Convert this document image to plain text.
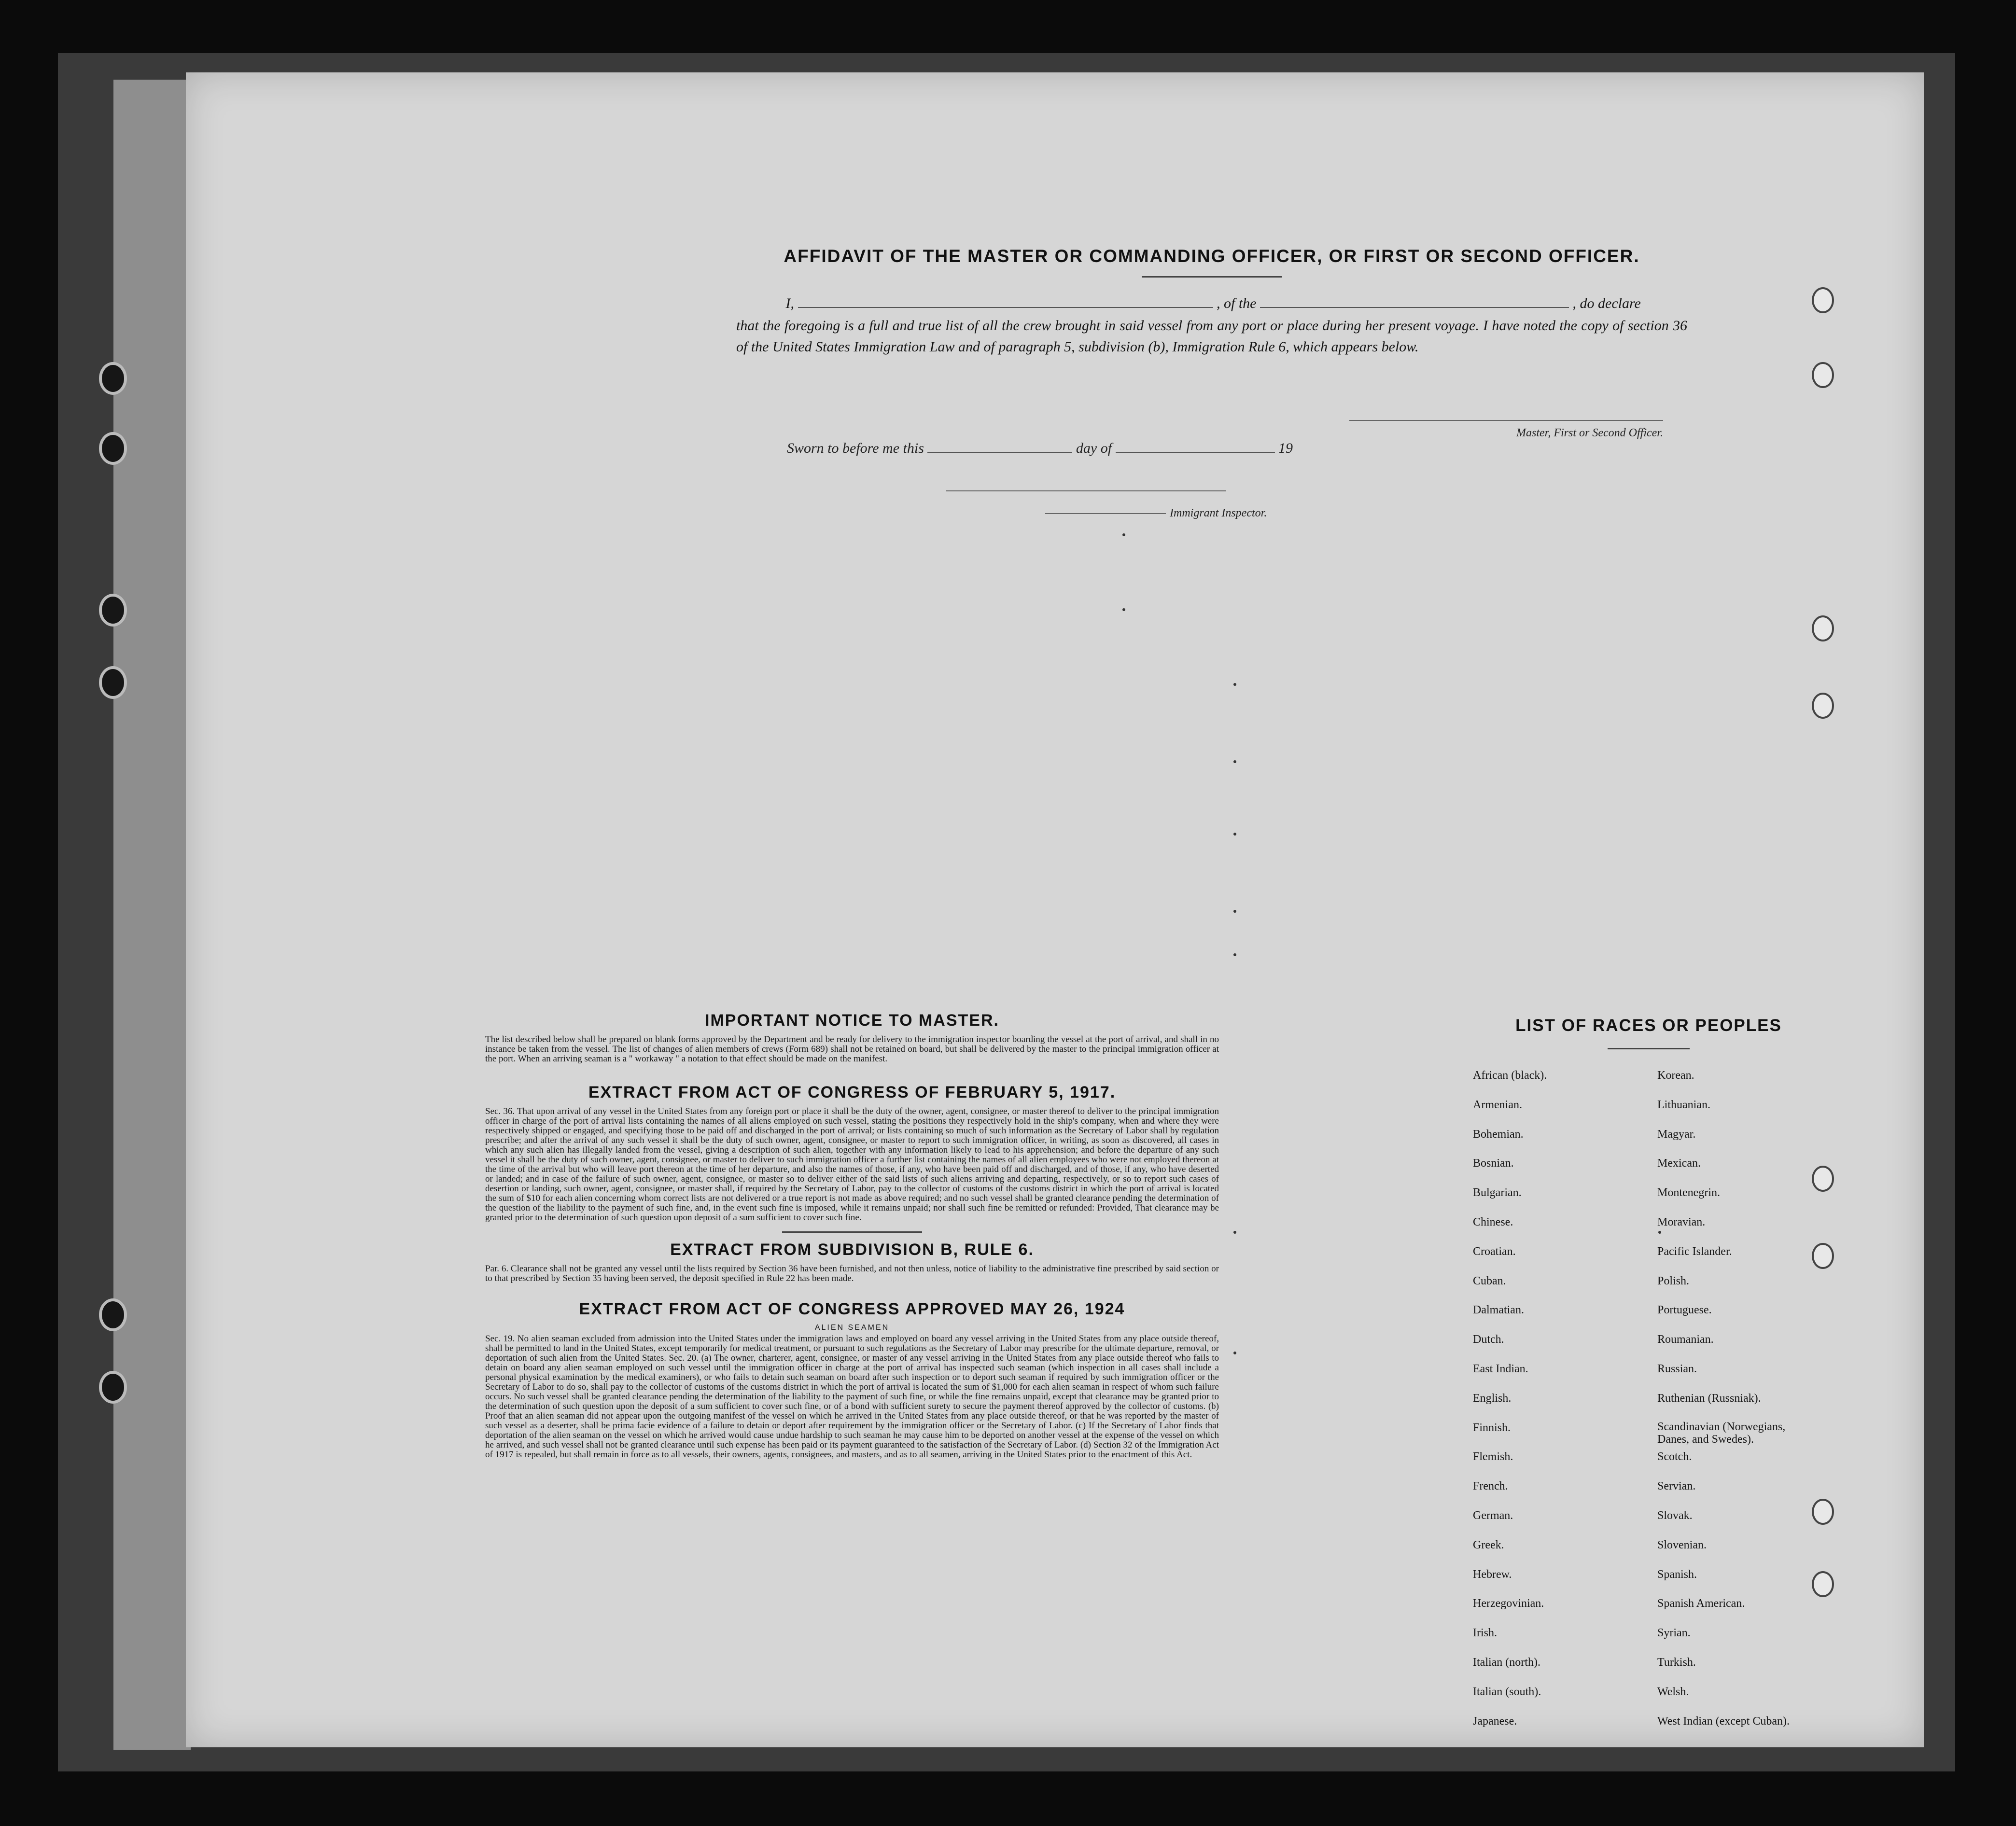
AFFIDAVIT OF THE MASTER OR COMMANDING OFFICER, OR FIRST OR SECOND OFFICER.
I,	, of the	, do declare

that the foregoing is a full and true list of all the crew brought in said vessel from any port or place during her present voyage. I have noted the copy of section 36 of the United States Immigration Law and of paragraph 5, subdivision (b), Immigration Rule 6, which appears below.

Master, First or Second Officer.
Sworn to before me this	day of	19
Immigrant Inspector.
IMPORTANT NOTICE TO MASTER.

The list described below shall be prepared on blank forms approved by the Department and be ready for delivery to the immigration inspector boarding the vessel at the port of arrival, and shall in no instance be taken from the vessel. The list of changes of alien members of crews (Form 689) shall not be retained on board, but shall be delivered by the master to the principal immigration officer at the port. When an arriving seaman is a " workaway " a notation to that effect should be made on the manifest.

EXTRACT FROM ACT OF CONGRESS OF FEBRUARY 5, 1917.

Sec. 36. That upon arrival of any vessel in the United States from any foreign port or place it shall be the duty of the owner, agent, consignee, or master thereof to deliver to the principal immigration officer in charge of the port of arrival lists containing the names of all aliens employed on such vessel, stating the positions they respectively hold in the ship's company, when and where they were respectively shipped or engaged, and specifying those to be paid off and discharged in the port of arrival; or lists containing so much of such information as the Secretary of Labor shall by regulation prescribe; and after the arrival of any such vessel it shall be the duty of such owner, agent, consignee, or master to report to such immigration officer, in writing, as soon as discovered, all cases in which any such alien has illegally landed from the vessel, giving a description of such alien, together with any information likely to lead to his apprehension; and before the departure of any such vessel it shall be the duty of such owner, agent, consignee, or master to deliver to such immigration officer a further list containing the names of all alien employees who were not employed thereon at the time of the arrival but who will leave port thereon at the time of her departure, and also the names of those, if any, who have been paid off and discharged, and of those, if any, who have deserted or landed; and in case of the failure of such owner, agent, consignee, or master so to deliver either of the said lists of such aliens arriving and departing, respectively, or so to report such cases of desertion or landing, such owner, agent, consignee, or master shall, if required by the Secretary of Labor, pay to the collector of customs of the customs district in which the port of arrival is located the sum of $10 for each alien concerning whom correct lists are not delivered or a true report is not made as above required; and no such vessel shall be granted clearance pending the determination of the question of the liability to the payment of such fine, and, in the event such fine is imposed, while it remains unpaid; nor shall such fine be remitted or refunded: Provided, That clearance may be granted prior to the determination of such question upon deposit of a sum sufficient to cover such fine.

EXTRACT FROM SUBDIVISION B, RULE 6.

Par. 6. Clearance shall not be granted any vessel until the lists required by Section 36 have been furnished, and not then unless, notice of liability to the administrative fine prescribed by said section or to that prescribed by Section 35 having been served, the deposit specified in Rule 22 has been made.

EXTRACT FROM ACT OF CONGRESS APPROVED MAY 26, 1924
ALIEN SEAMEN

Sec. 19. No alien seaman excluded from admission into the United States under the immigration laws and employed on board any vessel arriving in the United States from any place outside thereof, shall be permitted to land in the United States, except temporarily for medical treatment, or pursuant to such regulations as the Secretary of Labor may prescribe for the ultimate departure, removal, or deportation of such alien from the United States. Sec. 20. (a) The owner, charterer, agent, consignee, or master of any vessel arriving in the United States from any place outside thereof who fails to detain on board any alien seaman employed on such vessel until the immigration officer in charge at the port of arrival has inspected such seaman (which inspection in all cases shall include a personal physical examination by the medical examiners), or who fails to detain such seaman on board after such inspection or to deport such seaman if required by such immigration officer or the Secretary of Labor to do so, shall pay to the collector of customs of the customs district in which the port of arrival is located the sum of $1,000 for each alien seaman in respect of whom such failure occurs. No such vessel shall be granted clearance pending the determination of the liability to the payment of such fine, or while the fine remains unpaid, except that clearance may be granted prior to the determination of such question upon the deposit of a sum sufficient to cover such fine, or of a bond with sufficient surety to secure the payment thereof approved by the collector of customs. (b) Proof that an alien seaman did not appear upon the outgoing manifest of the vessel on which he arrived in the United States from any place outside thereof, or that he was reported by the master of such vessel as a deserter, shall be prima facie evidence of a failure to detain or deport after requirement by the immigration officer or the Secretary of Labor. (c) If the Secretary of Labor finds that deportation of the alien seaman on the vessel on which he arrived would cause undue hardship to such seaman he may cause him to be deported on another vessel at the expense of the vessel on which he arrived, and such vessel shall not be granted clearance until such expense has been paid or its payment guaranteed to the satisfaction of the Secretary of Labor. (d) Section 32 of the Immigration Act of 1917 is repealed, but shall remain in force as to all vessels, their owners, agents, consignees, and masters, and as to all seamen, arriving in the United States prior to the enactment of this Act.

LIST OF RACES OR PEOPLES
African (black).
Armenian.
Bohemian.
Bosnian.
Bulgarian.
Chinese.
Croatian.
Cuban.
Dalmatian.
Dutch.
East Indian.
English.
Finnish.
Flemish.
French.
German.
Greek.
Hebrew.
Herzegovinian.
Irish.
Italian (north).
Italian (south).
Japanese.
Korean.
Lithuanian.
Magyar.
Mexican.
Montenegrin.
Moravian.
Pacific Islander.
Polish.
Portuguese.
Roumanian.
Russian.
Ruthenian (Russniak).
Scandinavian (Norwegians, Danes, and Swedes).
Scotch.
Servian.
Slovak.
Slovenian.
Spanish.
Spanish American.
Syrian.
Turkish.
Welsh.
West Indian (except Cuban).
